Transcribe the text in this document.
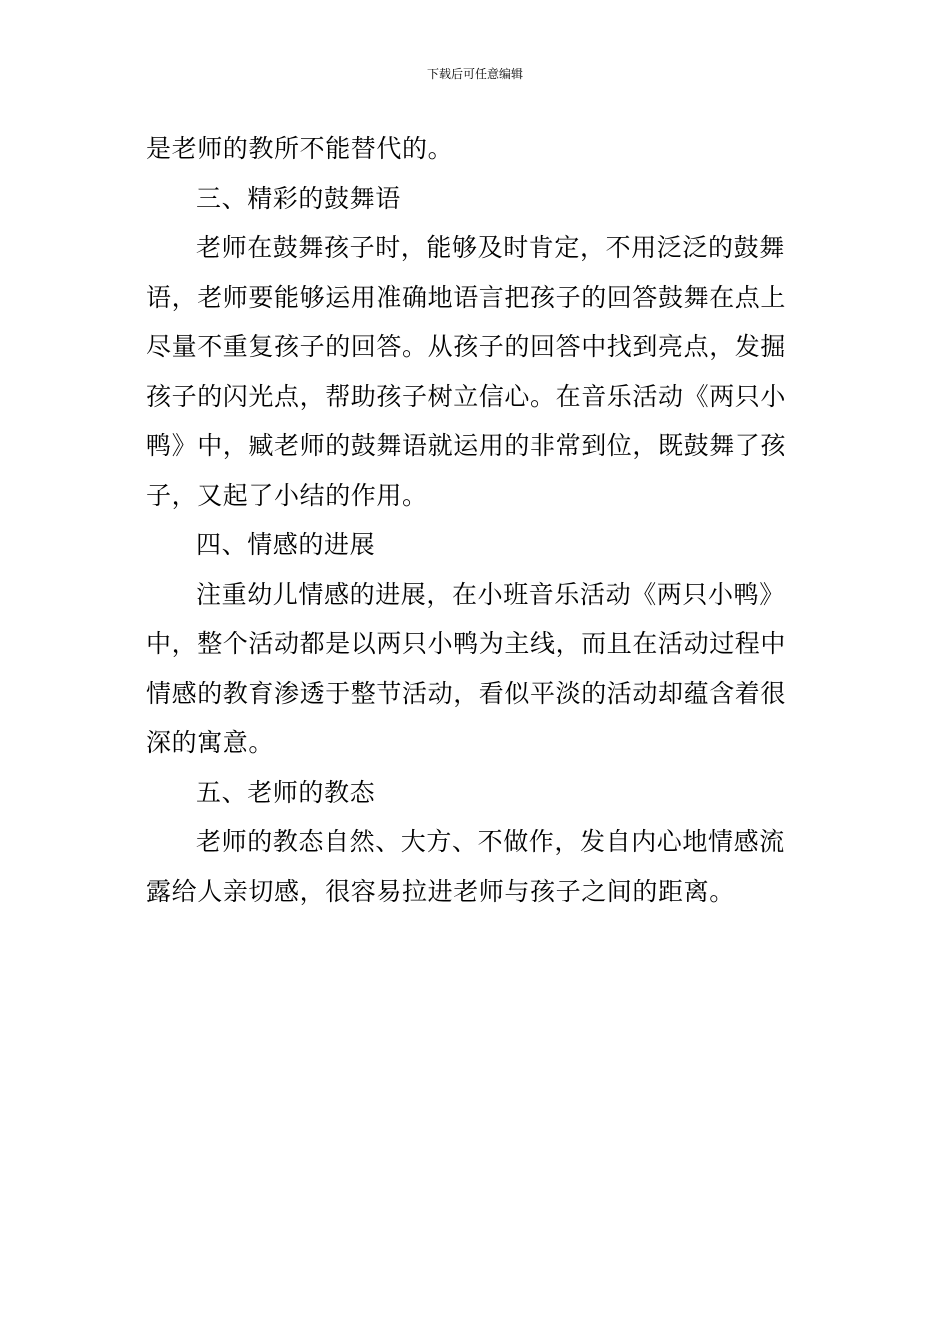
下载后可任意编辑
是老师的教所不能替代的。
三、精彩的鼓舞语
老师在鼓舞孩子时，能够及时肯定，不用泛泛的鼓舞
语，老师要能够运用准确地语言把孩子的回答鼓舞在点上
尽量不重复孩子的回答。从孩子的回答中找到亮点，发掘
孩子的闪光点，帮助孩子树立信心。在音乐活动《两只小
鸭》中，臧老师的鼓舞语就运用的非常到位，既鼓舞了孩
子，又起了小结的作用。
四、情感的进展
注重幼儿情感的进展，在小班音乐活动《两只小鸭》
中，整个活动都是以两只小鸭为主线，而且在活动过程中
情感的教育渗透于整节活动，看似平淡的活动却蕴含着很
深的寓意。
五、老师的教态
老师的教态自然、大方、不做作，发自内心地情感流
露给人亲切感，很容易拉进老师与孩子之间的距离。
